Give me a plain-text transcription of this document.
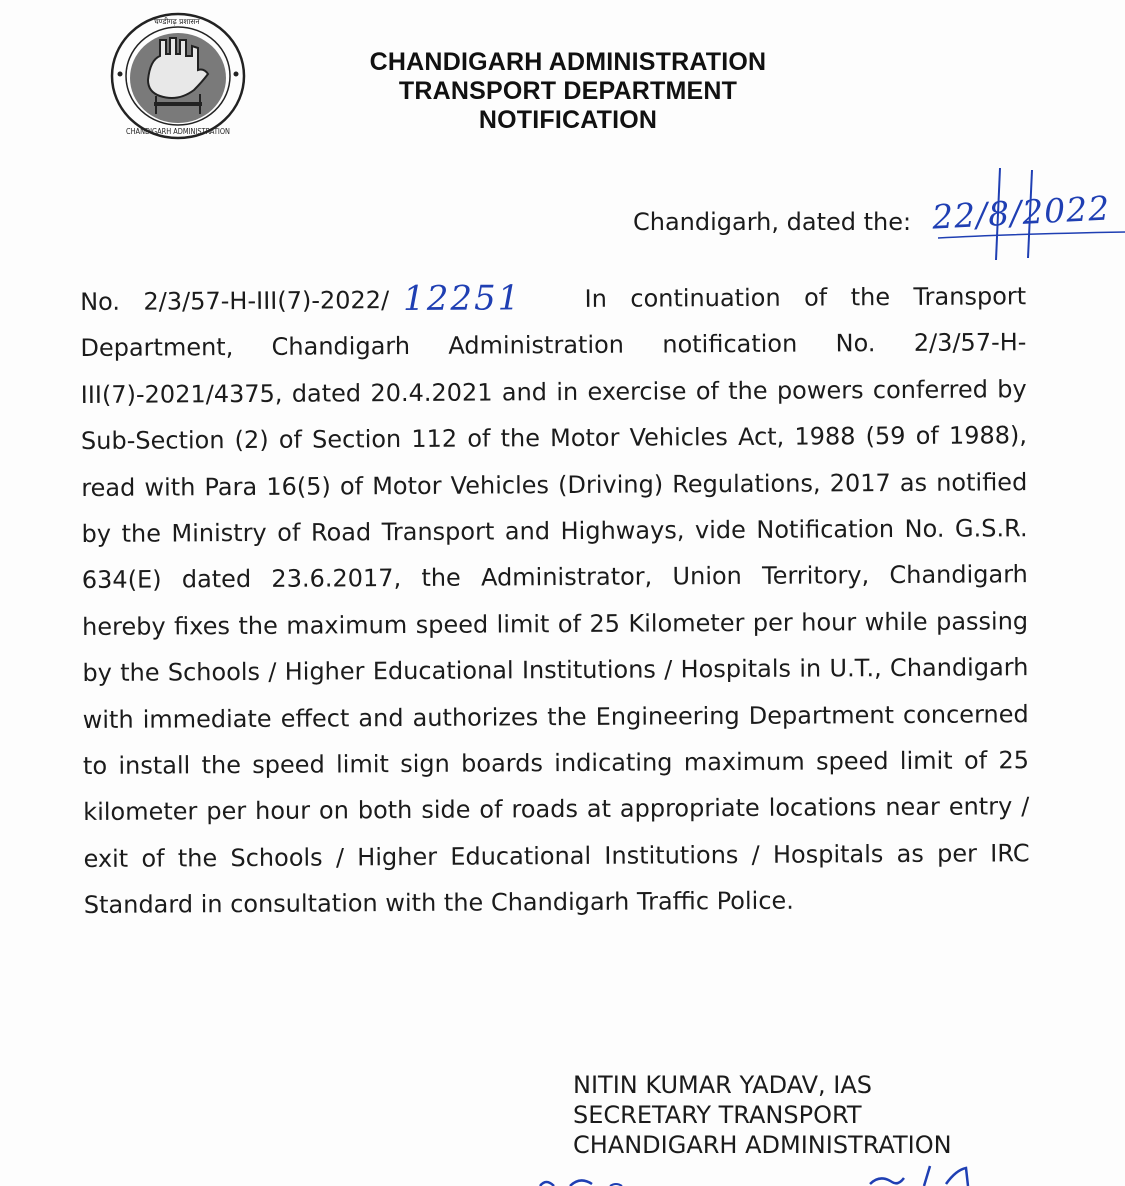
चण्डीगढ़ प्रशासन
CHANDIGARH ADMINISTRATION
CHANDIGARH ADMINISTRATION
TRANSPORT DEPARTMENT
NOTIFICATION
Chandigarh, dated the: 22/8/2022
No. 2/3/57-H-III(7)-2022/ 12251	In continuation of the Transport Department, Chandigarh Administration notification No. 2/3/57-H-III(7)-2021/4375, dated 20.4.2021 and in exercise of the powers conferred by Sub-Section (2) of Section 112 of the Motor Vehicles Act, 1988 (59 of 1988), read with Para 16(5) of Motor Vehicles (Driving) Regulations, 2017 as notified by the Ministry of Road Transport and Highways, vide Notification No. G.S.R. 634(E) dated 23.6.2017, the Administrator, Union Territory, Chandigarh hereby fixes the maximum speed limit of 25 Kilometer per hour while passing by the Schools / Higher Educational Institutions / Hospitals in U.T., Chandigarh with immediate effect and authorizes the Engineering Department concerned to install the speed limit sign boards indicating maximum speed limit of 25 kilometer per hour on both side of roads at appropriate locations near entry / exit of the Schools / Higher Educational Institutions / Hospitals as per IRC Standard in consultation with the Chandigarh Traffic Police.
NITIN KUMAR YADAV, IAS
SECRETARY TRANSPORT
CHANDIGARH ADMINISTRATION
